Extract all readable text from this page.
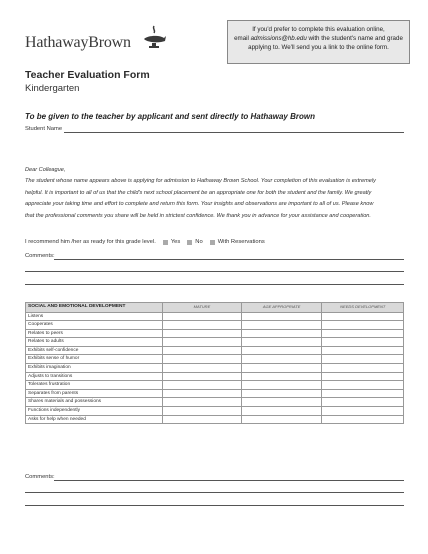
HathawayBrown
If you'd prefer to complete this evaluation online,
email admissions@hb.edu with the student's name and grade
applying to. We'll send you a link to the online form.
Teacher Evaluation Form
Kindergarten
To be given to the teacher by applicant and sent directly to Hathaway Brown
Student Name
Dear Colleague,
The student whose name appears above is applying for admission to Hathaway Brown School. Your completion of this evaluation is extremely
helpful. It is important to all of us that the child's next school placement be an appropriate one for both the student and the family. We greatly
appreciate your taking time and effort to complete and return this form. Your insights and observations are important to all of us. Please know
that the professional comments you share will be held in strictest confidence. We thank you in advance for your assistance and cooperation.
I recommend him /her as ready for this grade level.	Yes	No	With Reservations
Comments:
SOCIAL AND EMOTIONAL DEVELOPMENT	MATURE	AGE APPROPRIATE	NEEDS DEVELOPMENT
Listens			
Cooperates			
Relates to peers			
Relates to adults			
Exhibits self-confidence			
Exhibits sense of humor			
Exhibits imagination			
Adjusts to transitions			
Tolerates frustration			
Separates from parents			
Shares materials and possessions			
Functions independently			
Asks for help when needed			
Comments:
